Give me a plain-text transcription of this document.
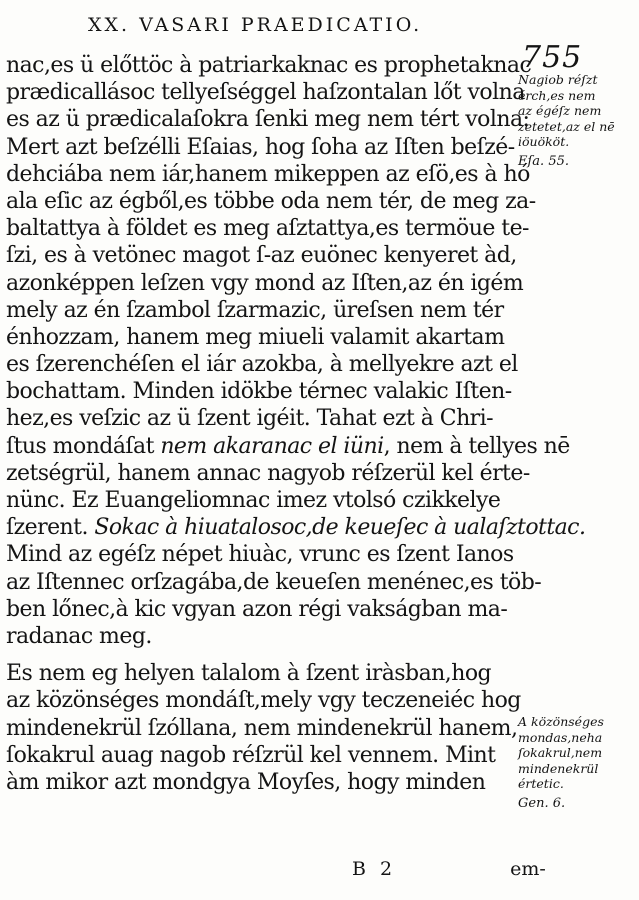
XX. VASARI PRAEDICATIO.
755
nac,es ü előttöc à patriarkaknac es prophetaknac
prædicallásoc tellyeſséggel haſzontalan lőt volna
es az ü prædicalaſokra ſenki meg nem tért volna:
Mert azt beſzélli Eſaias, hog ſoha az Iſten beſzé-
dehciába nem iár,hanem mikeppen az eſö,es à hó
ala eſic az égből,es többe oda nem tér, de meg za-
baltattya à földet es meg aſztattya,es termöue te-
ſzi, es à vetönec magot ſ-az euönec kenyeret àd,
azonképpen leſzen vgy mond az Iſten,az én igém
mely az én ſzambol ſzarmazic, üreſsen nem tér
énhozzam, hanem meg miueli valamit akartam
es ſzerenchéſen el iár azokba, à mellyekre azt el
bochattam. Minden idökbe térnec valakic Iſten-
hez,es veſzic az ü ſzent igéit. Tahat ezt à Chri-
ſtus mondáſat nem akaranac el iüni, nem à tellyes nē
zetségrül, hanem annac nagyob réſzerül kel érte-
nünc. Ez Euangeliomnac imez vtolsó czikkelye
ſzerent. Sokac à hiuatalosoc,de keueſec à ualaſztottac.
Mind az egéſz népet hiuàc, vrunc es ſzent Ianos
az Iſtennec orſzagába,de keueſen menénec,es töb-
ben lőnec,à kic vgyan azon régi vakságban ma-
radanac meg.
Es nem eg helyen talalom à ſzent iràsban,hog
az közönséges mondáſt,mely vgy teczeneiéc hog
mindenekrül ſzóllana, nem mindenekrül hanem,
ſokakrul auag nagob réſzrül kel vennem. Mint
àm mikor azt mondgya Moyſes, hogy minden
Nagiob réſzt
érch,es nem
az égéſz nem
zetetet,az el nē
iöuököt.
Eſa. 55.
A közönséges
mondas,neha
ſokakrul,nem
mindenekrül
értetic.
Gen. 6.
B 2	em-
